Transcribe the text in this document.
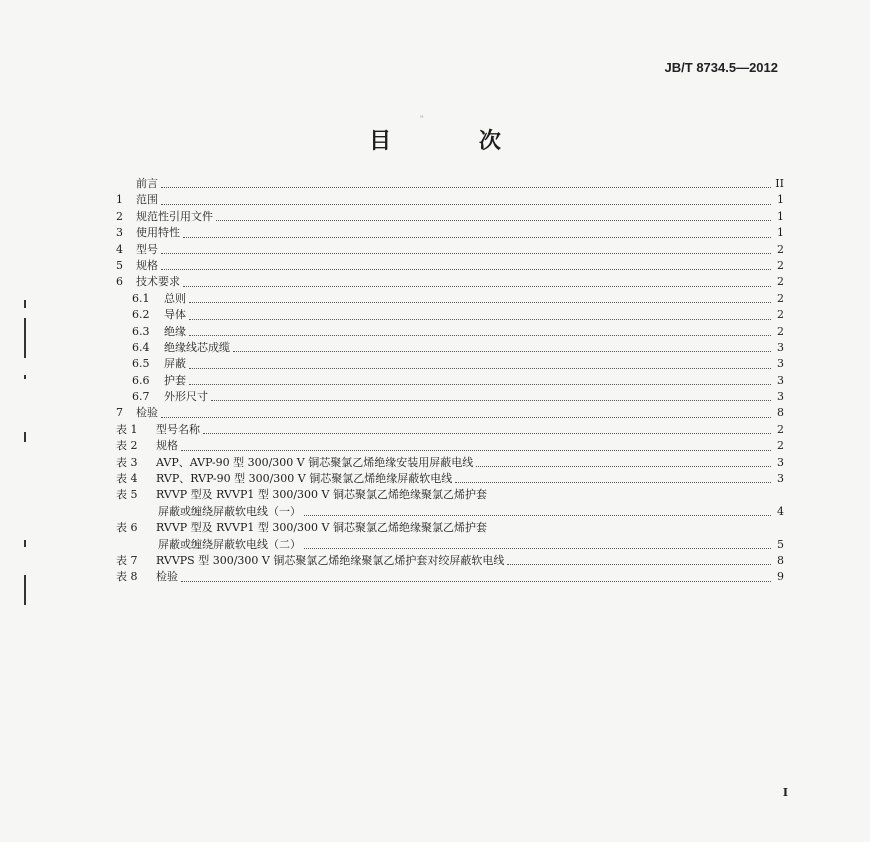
JB/T 8734.5—2012
''
目 次
前言	II
1	范围	1
2	规范性引用文件	1
3	使用特性	1
4	型号	2
5	规格	2
6	技术要求	2
6.1	总则	2
6.2	导体	2
6.3	绝缘	2
6.4	绝缘线芯成缆	3
6.5	屏蔽	3
6.6	护套	3
6.7	外形尺寸	3
7	检验	8
表 1	型号名称	2
表 2	规格	2
表 3	AVP、AVP-90 型 300/300 V 铜芯聚氯乙烯绝缘安装用屏蔽电线	3
表 4	RVP、RVP-90 型 300/300 V 铜芯聚氯乙烯绝缘屏蔽软电线	3
表 5	RVVP 型及 RVVP1 型 300/300 V 铜芯聚氯乙烯绝缘聚氯乙烯护套
屏蔽或缠绕屏蔽软电线（一）	4
表 6	RVVP 型及 RVVP1 型 300/300 V 铜芯聚氯乙烯绝缘聚氯乙烯护套
屏蔽或缠绕屏蔽软电线（二）	5
表 7	RVVPS 型 300/300 V 铜芯聚氯乙烯绝缘聚氯乙烯护套对绞屏蔽软电线	8
表 8	检验	9
I
